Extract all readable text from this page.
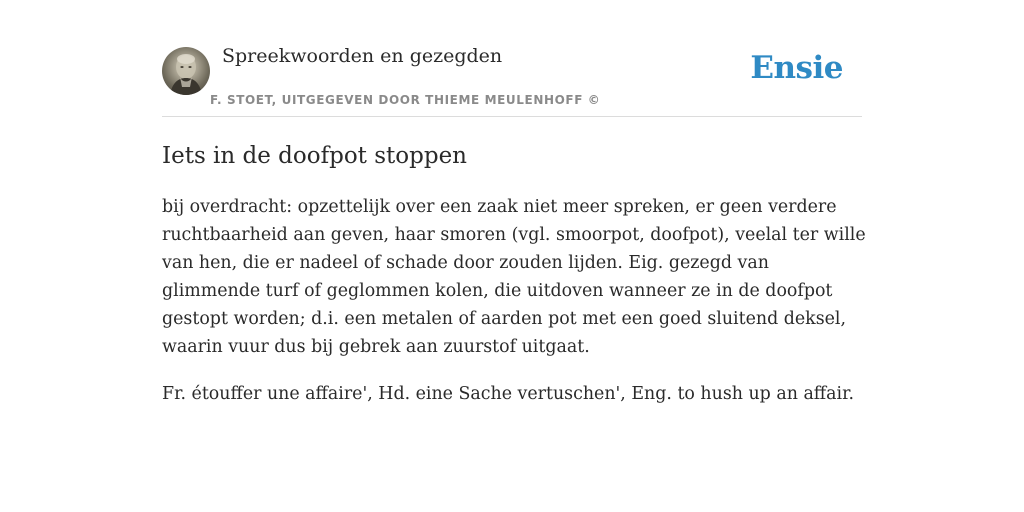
Spreekwoorden en gezegden
F. STOET, UITGEGEVEN DOOR THIEME MEULENHOFF ©
Ensie
Iets in de doofpot stoppen

bij overdracht: opzettelijk over een zaak niet meer spreken, er geen verdere ruchtbaarheid aan geven, haar smoren (vgl. smoorpot, doofpot), veelal ter wille van hen, die er nadeel of schade door zouden lijden. Eig. gezegd van glimmende turf of geglommen kolen, die uitdoven wanneer ze in de doofpot gestopt worden; d.i. een metalen of aarden pot met een goed sluitend deksel, waarin vuur dus bij gebrek aan zuurstof uitgaat.

Fr. étouffer une affaire', Hd. eine Sache vertuschen', Eng. to hush up an affair.
